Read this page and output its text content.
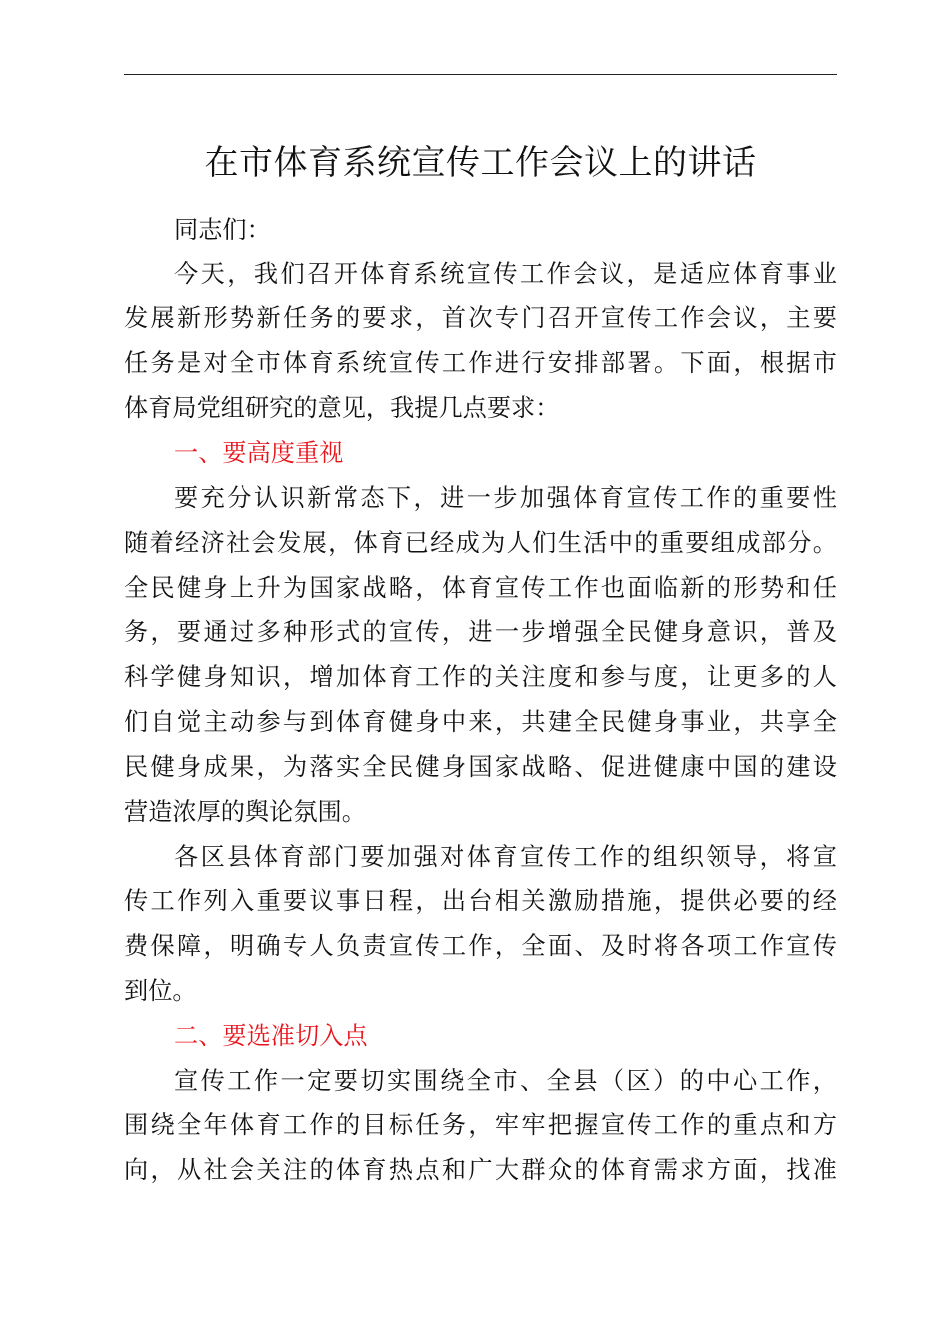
在市体育系统宣传工作会议上的讲话
同志们：
今天，我们召开体育系统宣传工作会议，是适应体育事业
发展新形势新任务的要求，首次专门召开宣传工作会议，主要
任务是对全市体育系统宣传工作进行安排部署。下面，根据市
体育局党组研究的意见，我提几点要求：
一、要高度重视
要充分认识新常态下，进一步加强体育宣传工作的重要性
随着经济社会发展，体育已经成为人们生活中的重要组成部分。
全民健身上升为国家战略，体育宣传工作也面临新的形势和任
务，要通过多种形式的宣传，进一步增强全民健身意识，普及
科学健身知识，增加体育工作的关注度和参与度，让更多的人
们自觉主动参与到体育健身中来，共建全民健身事业，共享全
民健身成果，为落实全民健身国家战略、促进健康中国的建设
营造浓厚的舆论氛围。
各区县体育部门要加强对体育宣传工作的组织领导，将宣
传工作列入重要议事日程，出台相关激励措施，提供必要的经
费保障，明确专人负责宣传工作，全面、及时将各项工作宣传
到位。
二、要选准切入点
宣传工作一定要切实围绕全市、全县（区）的中心工作，
围绕全年体育工作的目标任务，牢牢把握宣传工作的重点和方
向，从社会关注的体育热点和广大群众的体育需求方面，找准
